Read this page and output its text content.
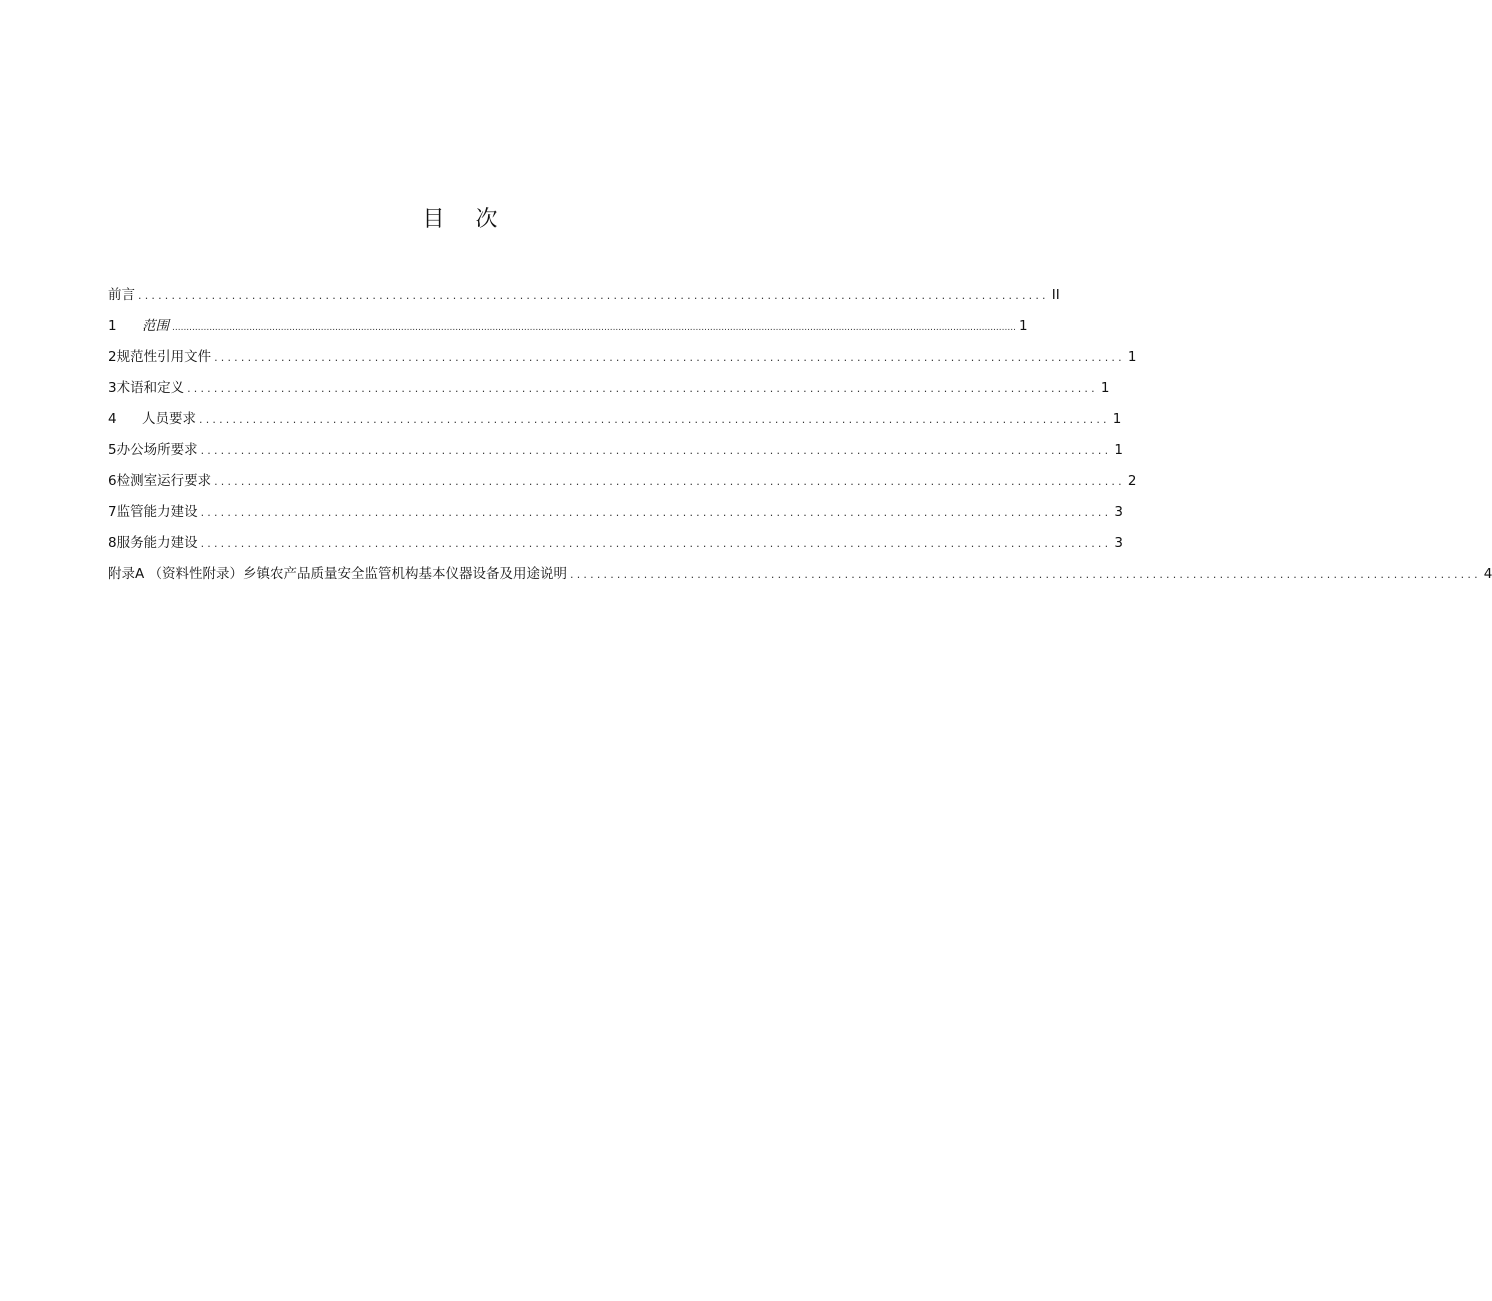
目 次
前言 ........................................................................................................................................ II
1	范围 ....................................................................................................................................................................................................................................................................................................... 1
2 规范性引用文件 ........................................................................................................................................ 1
3 术语和定义 ........................................................................................................................................ 1
4	人员要求 ........................................................................................................................................ 1
5 办公场所要求 ........................................................................................................................................ 1
6 检测室运行要求 ........................................................................................................................................ 2
7 监管能力建设 ........................................................................................................................................ 3
8 服务能力建设 ........................................................................................................................................ 3
附录A （资料性附录）乡镇农产品质量安全监管机构基本仪器设备及用途说明 ........................................................................................................................................ 4
